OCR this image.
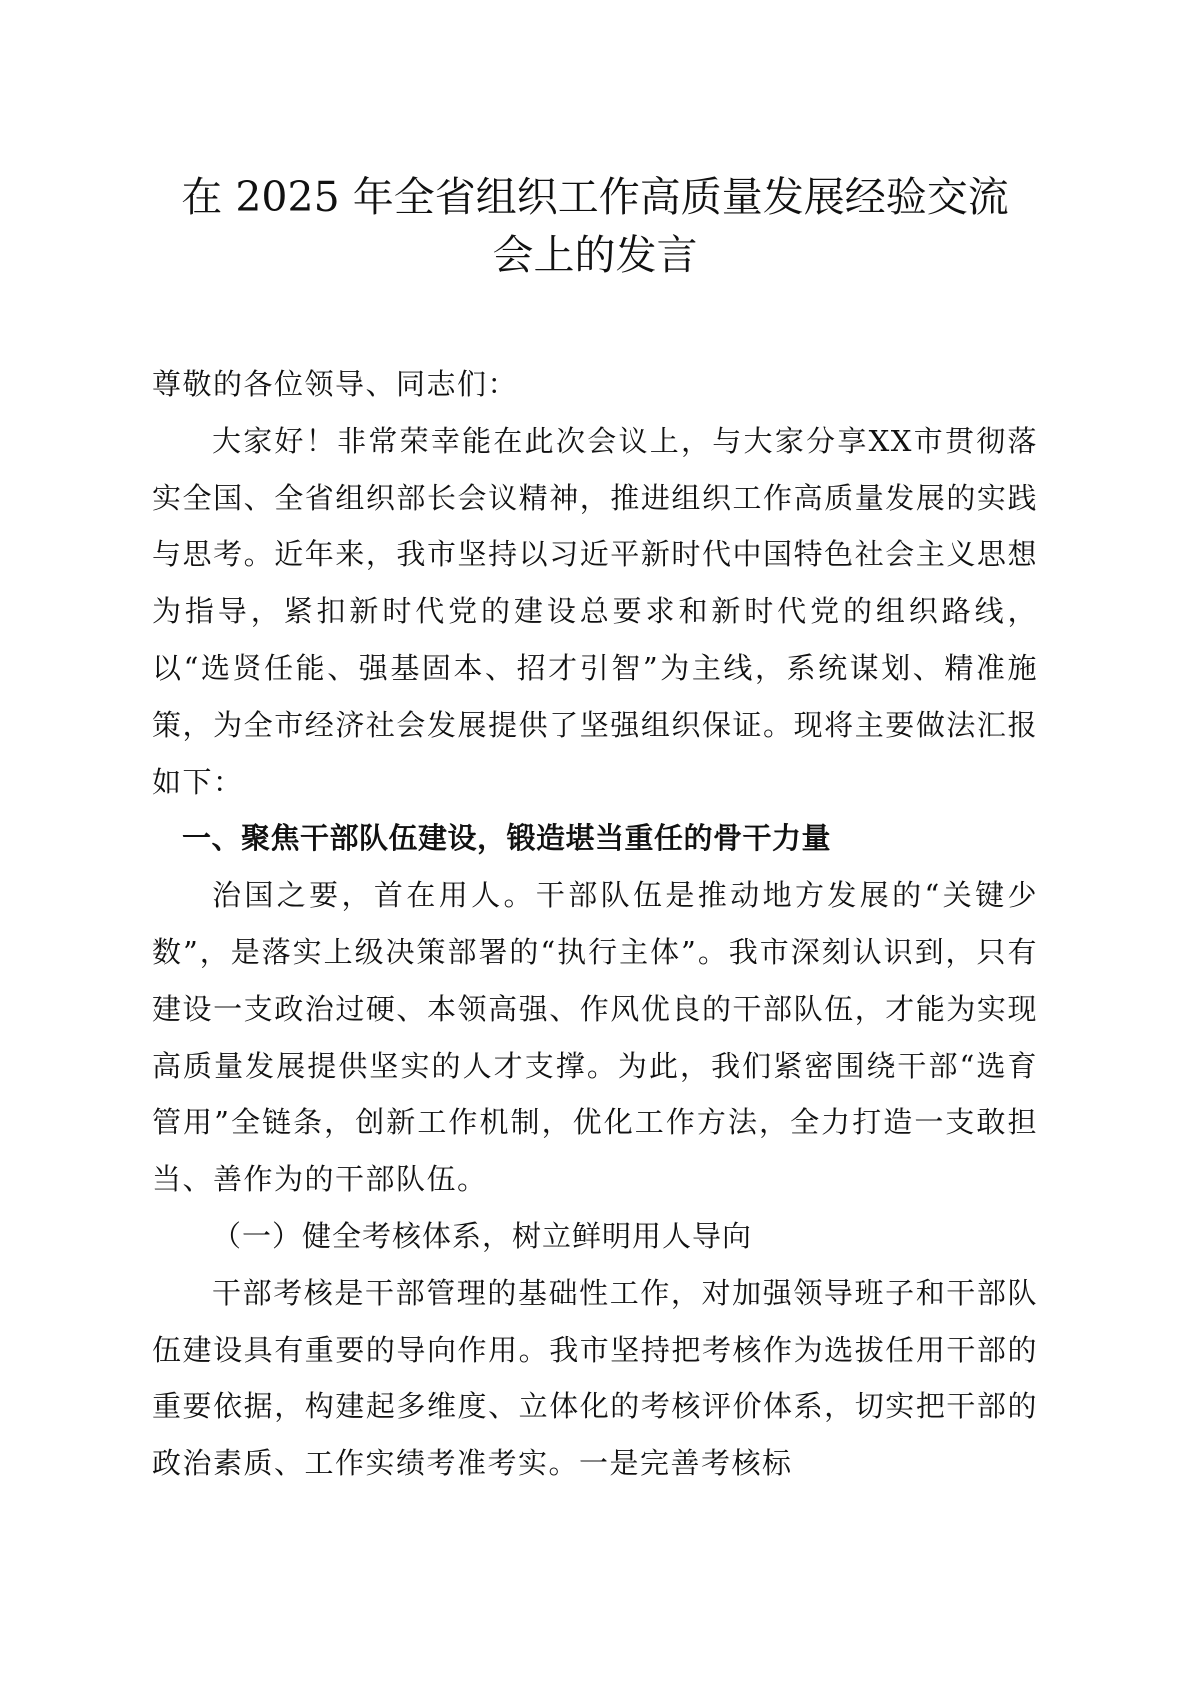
在 2025 年全省组织工作高质量发展经验交流
会上的发言

尊敬的各位领导、同志们：

大家好！非常荣幸能在此次会议上，与大家分享XX市贯彻落实全国、全省组织部长会议精神，推进组织工作高质量发展的实践与思考。近年来，我市坚持以习近平新时代中国特色社会主义思想为指导，紧扣新时代党的建设总要求和新时代党的组织路线，以“选贤任能、强基固本、招才引智”为主线，系统谋划、精准施策，为全市经济社会发展提供了坚强组织保证。现将主要做法汇报如下：

一、聚焦干部队伍建设，锻造堪当重任的骨干力量

治国之要，首在用人。干部队伍是推动地方发展的“关键少数”，是落实上级决策部署的“执行主体”。我市深刻认识到，只有建设一支政治过硬、本领高强、作风优良的干部队伍，才能为实现高质量发展提供坚实的人才支撑。为此，我们紧密围绕干部“选育管用”全链条，创新工作机制，优化工作方法，全力打造一支敢担当、善作为的干部队伍。

（一）健全考核体系，树立鲜明用人导向

干部考核是干部管理的基础性工作，对加强领导班子和干部队伍建设具有重要的导向作用。我市坚持把考核作为选拔任用干部的重要依据，构建起多维度、立体化的考核评价体系，切实把干部的政治素质、工作实绩考准考实。一是完善考核标
